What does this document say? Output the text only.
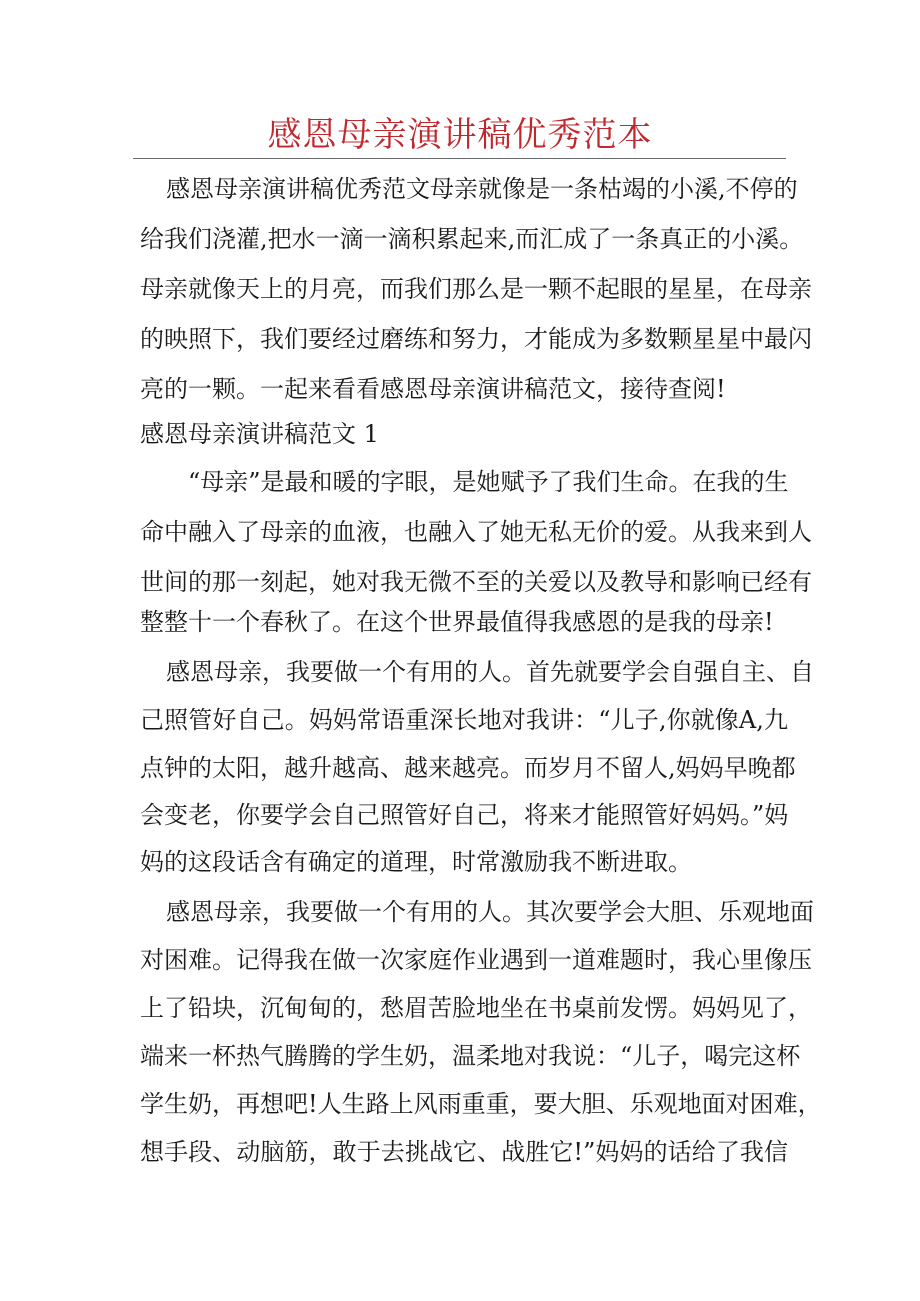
感恩母亲演讲稿优秀范本
感恩母亲演讲稿优秀范文母亲就像是一条枯竭的小溪,不停的
给我们浇灌,把水一滴一滴积累起来,而汇成了一条真正的小溪。
母亲就像天上的月亮，而我们那么是一颗不起眼的星星，在母亲
的映照下，我们要经过磨练和努力，才能成为多数颗星星中最闪
亮的一颗。一起来看看感恩母亲演讲稿范文，接待查阅!
感恩母亲演讲稿范文 1
“母亲”是最和暖的字眼，是她赋予了我们生命。在我的生
命中融入了母亲的血液，也融入了她无私无价的爱。从我来到人
世间的那一刻起，她对我无微不至的关爱以及教导和影响已经有
整整十一个春秋了。在这个世界最值得我感恩的是我的母亲!
感恩母亲，我要做一个有用的人。首先就要学会自强自主、自
己照管好自己。妈妈常语重深长地对我讲：“儿子,你就像A,九
点钟的太阳，越升越高、越来越亮。而岁月不留人,妈妈早晚都
会变老，你要学会自己照管好自己，将来才能照管好妈妈。”妈
妈的这段话含有确定的道理，时常激励我不断进取。
感恩母亲，我要做一个有用的人。其次要学会大胆、乐观地面
对困难。记得我在做一次家庭作业遇到一道难题时，我心里像压
上了铅块，沉甸甸的，愁眉苦脸地坐在书桌前发愣。妈妈见了，
端来一杯热气腾腾的学生奶，温柔地对我说：“儿子，喝完这杯
学生奶，再想吧!人生路上风雨重重，要大胆、乐观地面对困难，
想手段、动脑筋，敢于去挑战它、战胜它!”妈妈的话给了我信
